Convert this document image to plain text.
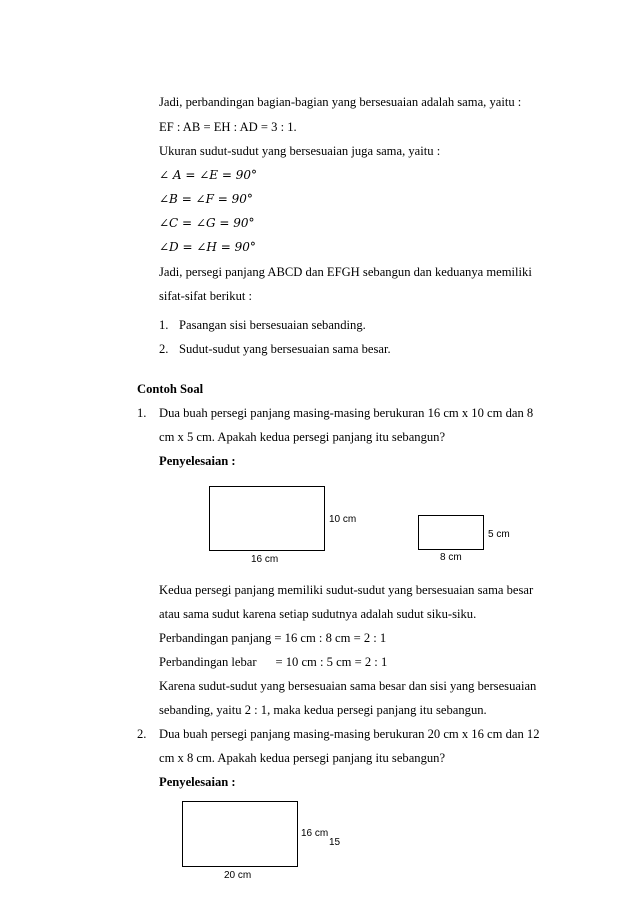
Jadi, perbandingan bagian-bagian yang bersesuaian adalah sama, yaitu :
EF : AB = EH : AD = 3 : 1.
Ukuran sudut-sudut yang bersesuaian juga sama, yaitu :
∠ A = ∠E = 90°
∠B = ∠F = 90°
∠C = ∠G = 90°
∠D = ∠H = 90°
Jadi, persegi panjang ABCD dan EFGH sebangun dan keduanya memiliki
sifat-sifat berikut :
1. Pasangan sisi bersesuaian sebanding.
2. Sudut-sudut yang bersesuaian sama besar.
Contoh Soal
1. Dua buah persegi panjang masing-masing berukuran 16 cm x 10 cm dan 8
cm x 5 cm. Apakah kedua persegi panjang itu sebangun?
Penyelesaian :
10 cm
16 cm
5 cm
8 cm
Kedua persegi panjang memiliki sudut-sudut yang bersesuaian sama besar
atau sama sudut karena setiap sudutnya adalah sudut siku-siku.
Perbandingan panjang = 16 cm : 8 cm = 2 : 1
Perbandingan lebar      = 10 cm : 5 cm = 2 : 1
Karena sudut-sudut yang bersesuaian sama besar dan sisi yang bersesuaian
sebanding, yaitu 2 : 1, maka kedua persegi panjang itu sebangun.
2. Dua buah persegi panjang masing-masing berukuran 20 cm x 16 cm dan 12
cm x 8 cm. Apakah kedua persegi panjang itu sebangun?
Penyelesaian :
16 cm
20 cm
15
